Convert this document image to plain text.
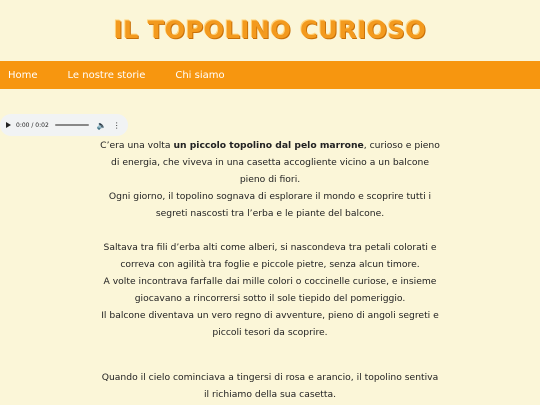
IL TOPOLINO CURIOSO
Home	Le nostre storie	Chi siamo
0:00 / 0:02	🔈 ⋮

C’era una volta un piccolo topolino dal pelo marrone, curioso e pieno di energia, che viveva in una casetta accogliente vicino a un balcone pieno di fiori.

Ogni giorno, il topolino sognava di esplorare il mondo e scoprire tutti i segreti nascosti tra l’erba e le piante del balcone.

Saltava tra fili d’erba alti come alberi, si nascondeva tra petali colorati e correva con agilità tra foglie e piccole pietre, senza alcun timore.

A volte incontrava farfalle dai mille colori o coccinelle curiose, e insieme giocavano a rincorrersi sotto il sole tiepido del pomeriggio.

Il balcone diventava un vero regno di avventure, pieno di angoli segreti e piccoli tesori da scoprire.

Quando il cielo cominciava a tingersi di rosa e arancio, il topolino sentiva il richiamo della sua casetta.
